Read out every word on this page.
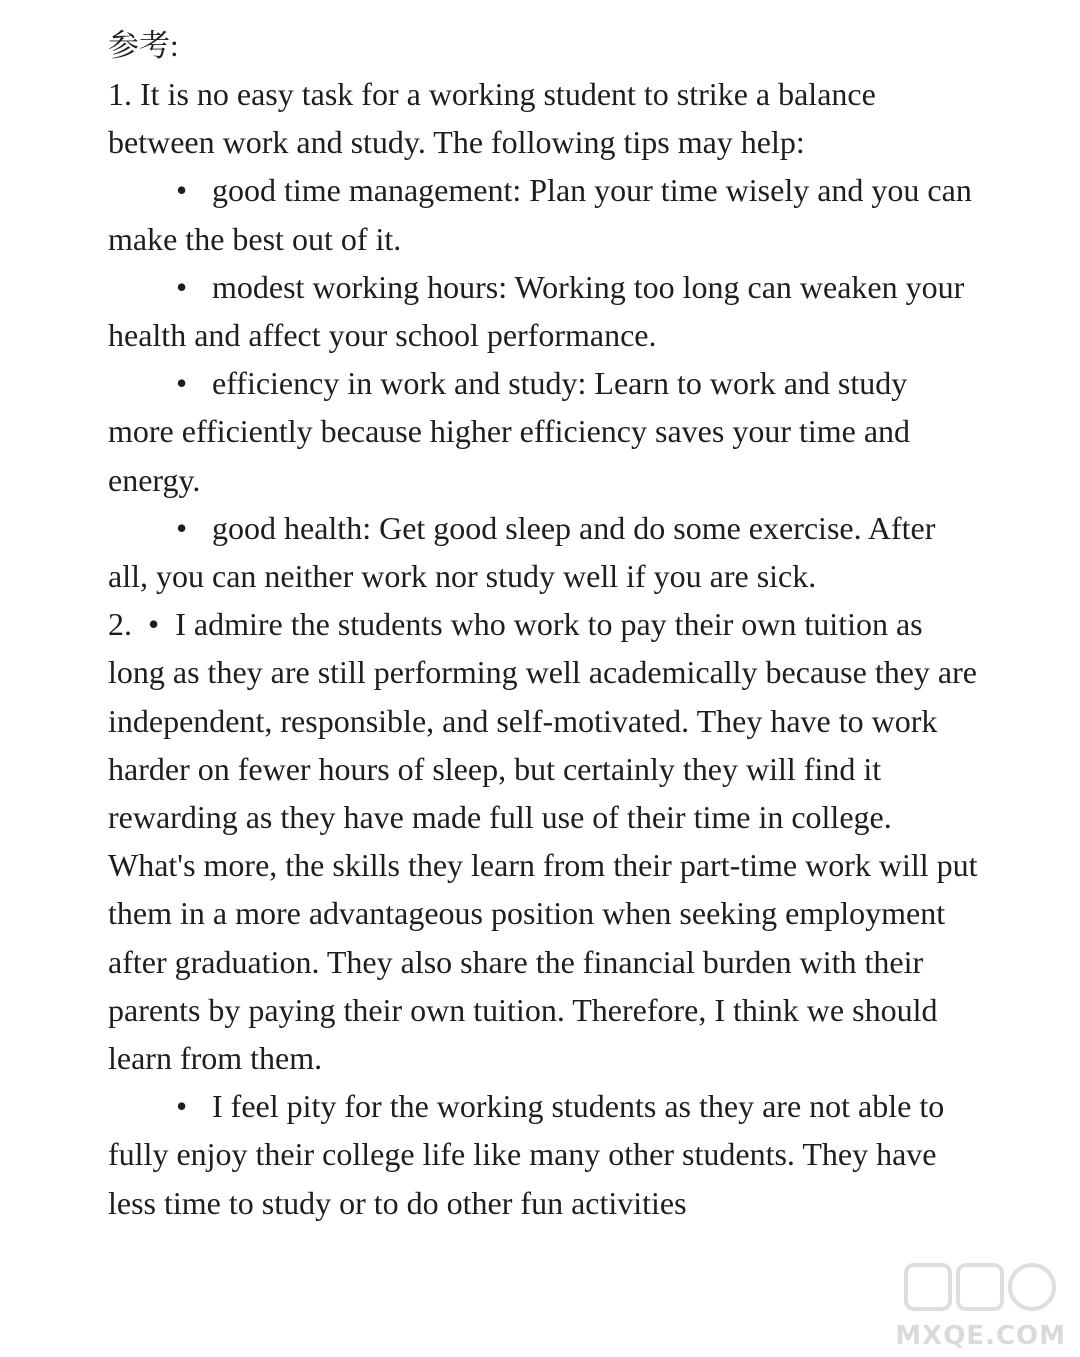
参考:

1. It is no easy task for a working student to strike a balance between work and study. The following tips may help:

• good time management: Plan your time wisely and you can make the best out of it.

• modest working hours: Working too long can weaken your health and affect your school performance.

• efficiency in work and study: Learn to work and study more efficiently because higher efficiency saves your time and energy.

• good health: Get good sleep and do some exercise. After all, you can neither work nor study well if you are sick.

2. • I admire the students who work to pay their own tuition as long as they are still performing well academically because they are independent, responsible, and self-motivated. They have to work harder on fewer hours of sleep, but certainly they will find it rewarding as they have made full use of their time in college. What's more, the skills they learn from their part-time work will put them in a more advantageous position when seeking employment after graduation. They also share the financial burden with their parents by paying their own tuition. Therefore, I think we should learn from them.

• I feel pity for the working students as they are not able to fully enjoy their college life like many other students. They have less time to study or to do other fun activities

MXQE.COM
